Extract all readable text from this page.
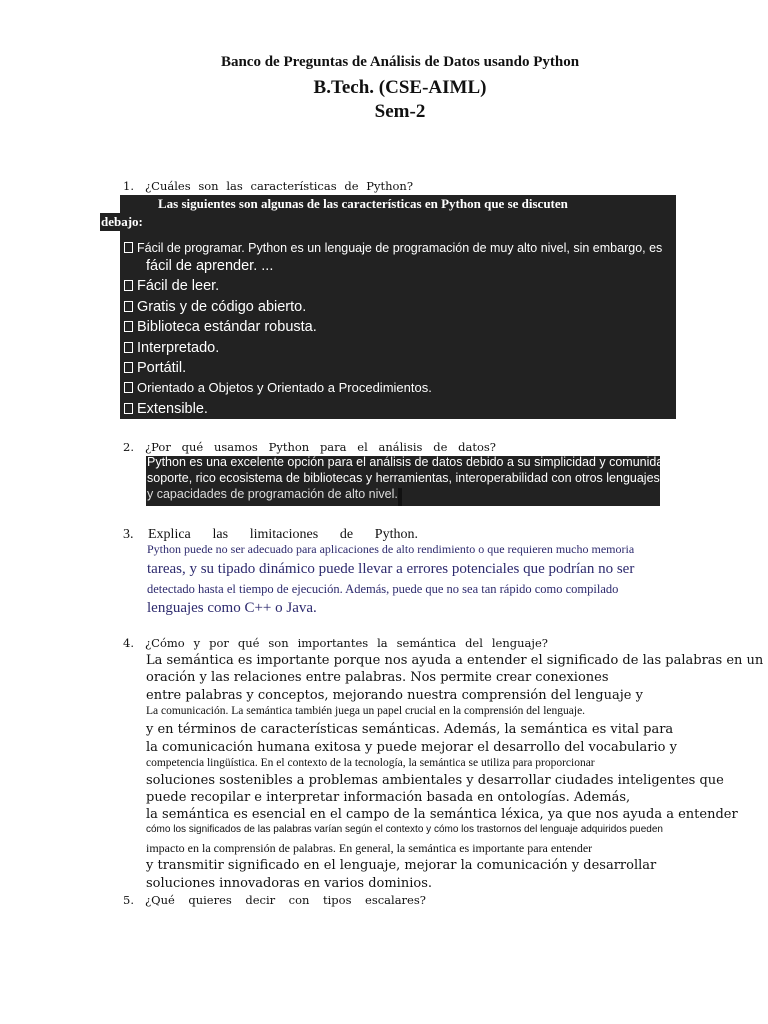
Banco de Preguntas de Análisis de Datos usando Python
B.Tech. (CSE-AIML)
Sem-2
1. ¿Cuáles son las características de Python?
Las siguientes son algunas de las características en Python que se discuten
debajo:
Fácil de programar. Python es un lenguaje de programación de muy alto nivel, sin embargo, es
fácil de aprender. ...
Fácil de leer.
Gratis y de código abierto.
Biblioteca estándar robusta.
Interpretado.
Portátil.
Orientado a Objetos y Orientado a Procedimientos.
Extensible.
2. ¿Por qué usamos Python para el análisis de datos?
Python es una excelente opción para el análisis de datos debido a su simplicidad y comunidad
soporte, rico ecosistema de bibliotecas y herramientas, interoperabilidad con otros lenguajes,
y capacidades de programación de alto nivel.
3. Explica las limitaciones de Python.
Python puede no ser adecuado para aplicaciones de alto rendimiento o que requieren mucho memoria
tareas, y su tipado dinámico puede llevar a errores potenciales que podrían no ser
detectado hasta el tiempo de ejecución. Además, puede que no sea tan rápido como compilado
lenguajes como C++ o Java.
4. ¿Cómo y por qué son importantes la semántica del lenguaje?
La semántica es importante porque nos ayuda a entender el significado de las palabras en un
oración y las relaciones entre palabras. Nos permite crear conexiones
entre palabras y conceptos, mejorando nuestra comprensión del lenguaje y
La comunicación. La semántica también juega un papel crucial en la comprensión del lenguaje.
y en términos de características semánticas. Además, la semántica es vital para
la comunicación humana exitosa y puede mejorar el desarrollo del vocabulario y
competencia lingüística. En el contexto de la tecnología, la semántica se utiliza para proporcionar
soluciones sostenibles a problemas ambientales y desarrollar ciudades inteligentes que
puede recopilar e interpretar información basada en ontologías. Además,
la semántica es esencial en el campo de la semántica léxica, ya que nos ayuda a entender
cómo los significados de las palabras varían según el contexto y cómo los trastornos del lenguaje adquiridos pueden
impacto en la comprensión de palabras. En general, la semántica es importante para entender
y transmitir significado en el lenguaje, mejorar la comunicación y desarrollar
soluciones innovadoras en varios dominios.
5. ¿Qué quieres decir con tipos escalares?
